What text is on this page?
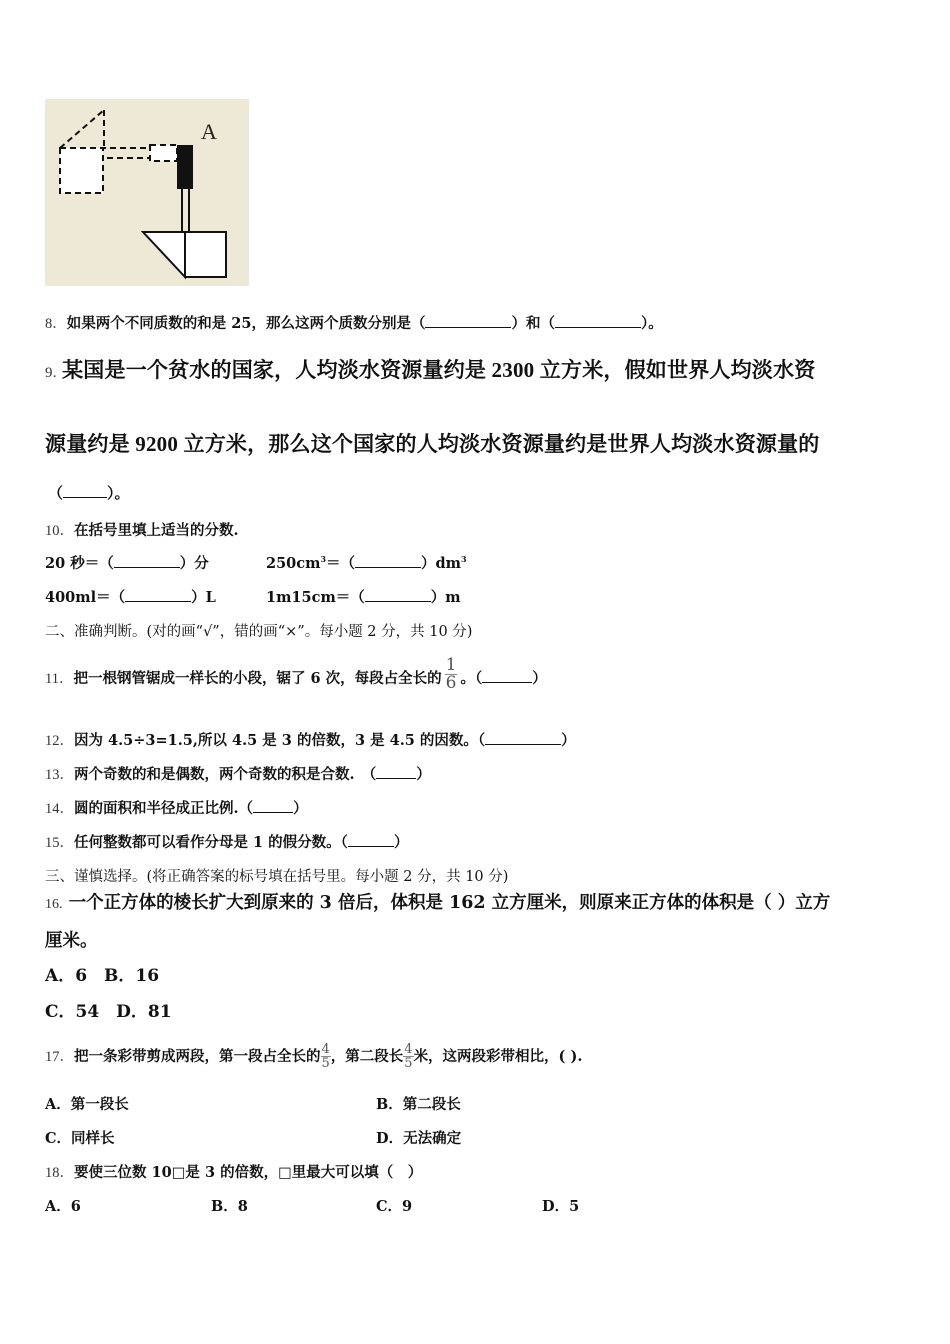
A
8．如果两个不同质数的和是 25，那么这两个质数分别是（	）和（	）。
9. 某国是一个贫水的国家，人均淡水资源量约是 2300 立方米，假如世界人均淡水资
源量约是 9200 立方米，那么这个国家的人均淡水资源量约是世界人均淡水资源量的
（	）。
10．在括号里填上适当的分数.
20 秒＝（	）分	$250cm^3=$（	）$dm^3$
400ml＝（	）L	1m15cm＝（	）m
二、准确判断。(对的画“√”，错的画“×”。每小题 2 分，共 10 分)
11．把一根钢管锯成一样长的小段，锯了 6 次，每段占全长的 $\frac{1}{6}$ 。（	）
12．因为 4.5÷3=1.5,所以 4.5 是 3 的倍数，3 是 4.5 的因数。（	）
13．两个奇数的和是偶数，两个奇数的积是合数.　（	）
14．圆的面积和半径成正比例.（	）
15．任何整数都可以看作分母是 1 的假分数。（	）
三、谨慎选择。(将正确答案的标号填在括号里。每小题 2 分，共 10 分)
16. 一个正方体的棱长扩大到原来的 3 倍后，体积是 162 立方厘米，则原来正方体的体积是（ ）立方
厘米。
A．6　B．16
C．54　D．81
17．把一条彩带剪成两段，第一段占全长的 $\frac{4}{5}$ ，第二段长 $\frac{4}{5}$ 米，这两段彩带相比，( ).
A．第一段长	B．第二段长
C．同样长	D．无法确定
18．要使三位数 10□是 3 的倍数，□里最大可以填（　）
A．6	B．8	C．9	D．5
